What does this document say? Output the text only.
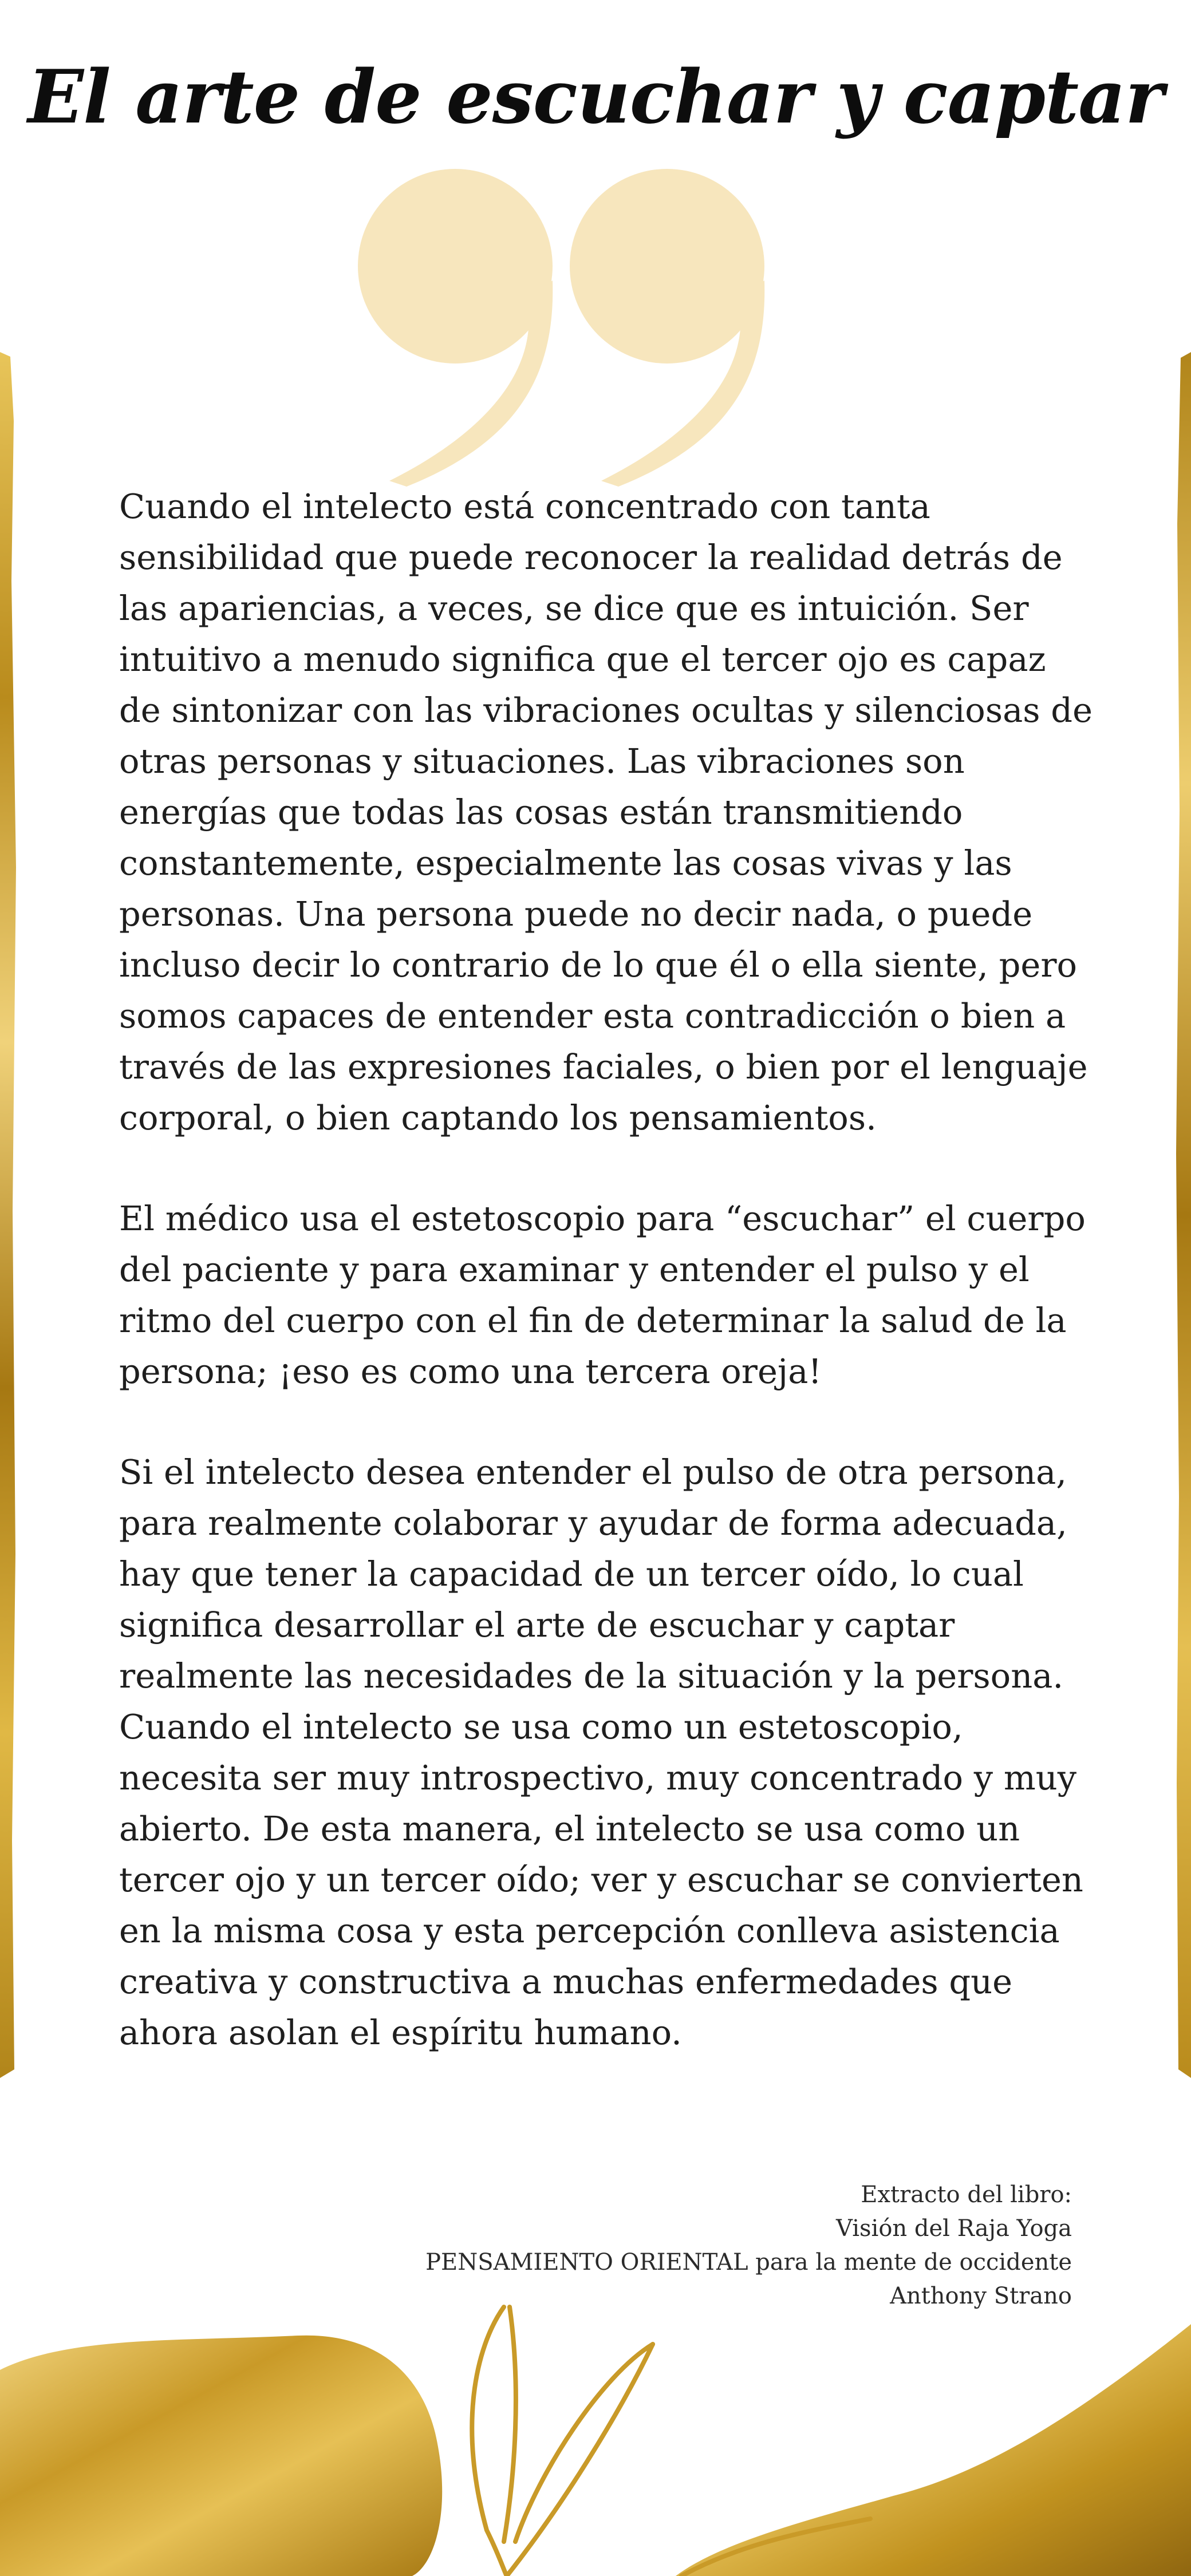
El arte de escuchar y captar

Cuando el intelecto está concentrado con tanta sensibilidad que puede reconocer la realidad detrás de las apariencias, a veces, se dice que es intuición. Ser intuitivo a menudo significa que el tercer ojo es capaz de sintonizar con las vibraciones ocultas y silenciosas de otras personas y situaciones. Las vibraciones son energías que todas las cosas están transmitiendo constantemente, especialmente las cosas vivas y las personas. Una persona puede no decir nada, o puede incluso decir lo contrario de lo que él o ella siente, pero somos capaces de entender esta contradicción o bien a través de las expresiones faciales, o bien por el lenguaje corporal, o bien captando los pensamientos.

El médico usa el estetoscopio para “escuchar” el cuerpo del paciente y para examinar y entender el pulso y el ritmo del cuerpo con el fin de determinar la salud de la persona; ¡eso es como una tercera oreja!

Si el intelecto desea entender el pulso de otra persona, para realmente colaborar y ayudar de forma adecuada, hay que tener la capacidad de un tercer oído, lo cual significa desarrollar el arte de escuchar y captar realmente las necesidades de la situación y la persona. Cuando el intelecto se usa como un estetoscopio, necesita ser muy introspectivo, muy concentrado y muy abierto. De esta manera, el intelecto se usa como un tercer ojo y un tercer oído; ver y escuchar se convierten en la misma cosa y esta percepción conlleva asistencia creativa y constructiva a muchas enfermedades que ahora asolan el espíritu humano.

Extracto del libro:
Visión del Raja Yoga
PENSAMIENTO ORIENTAL para la mente de occidente
Anthony Strano
